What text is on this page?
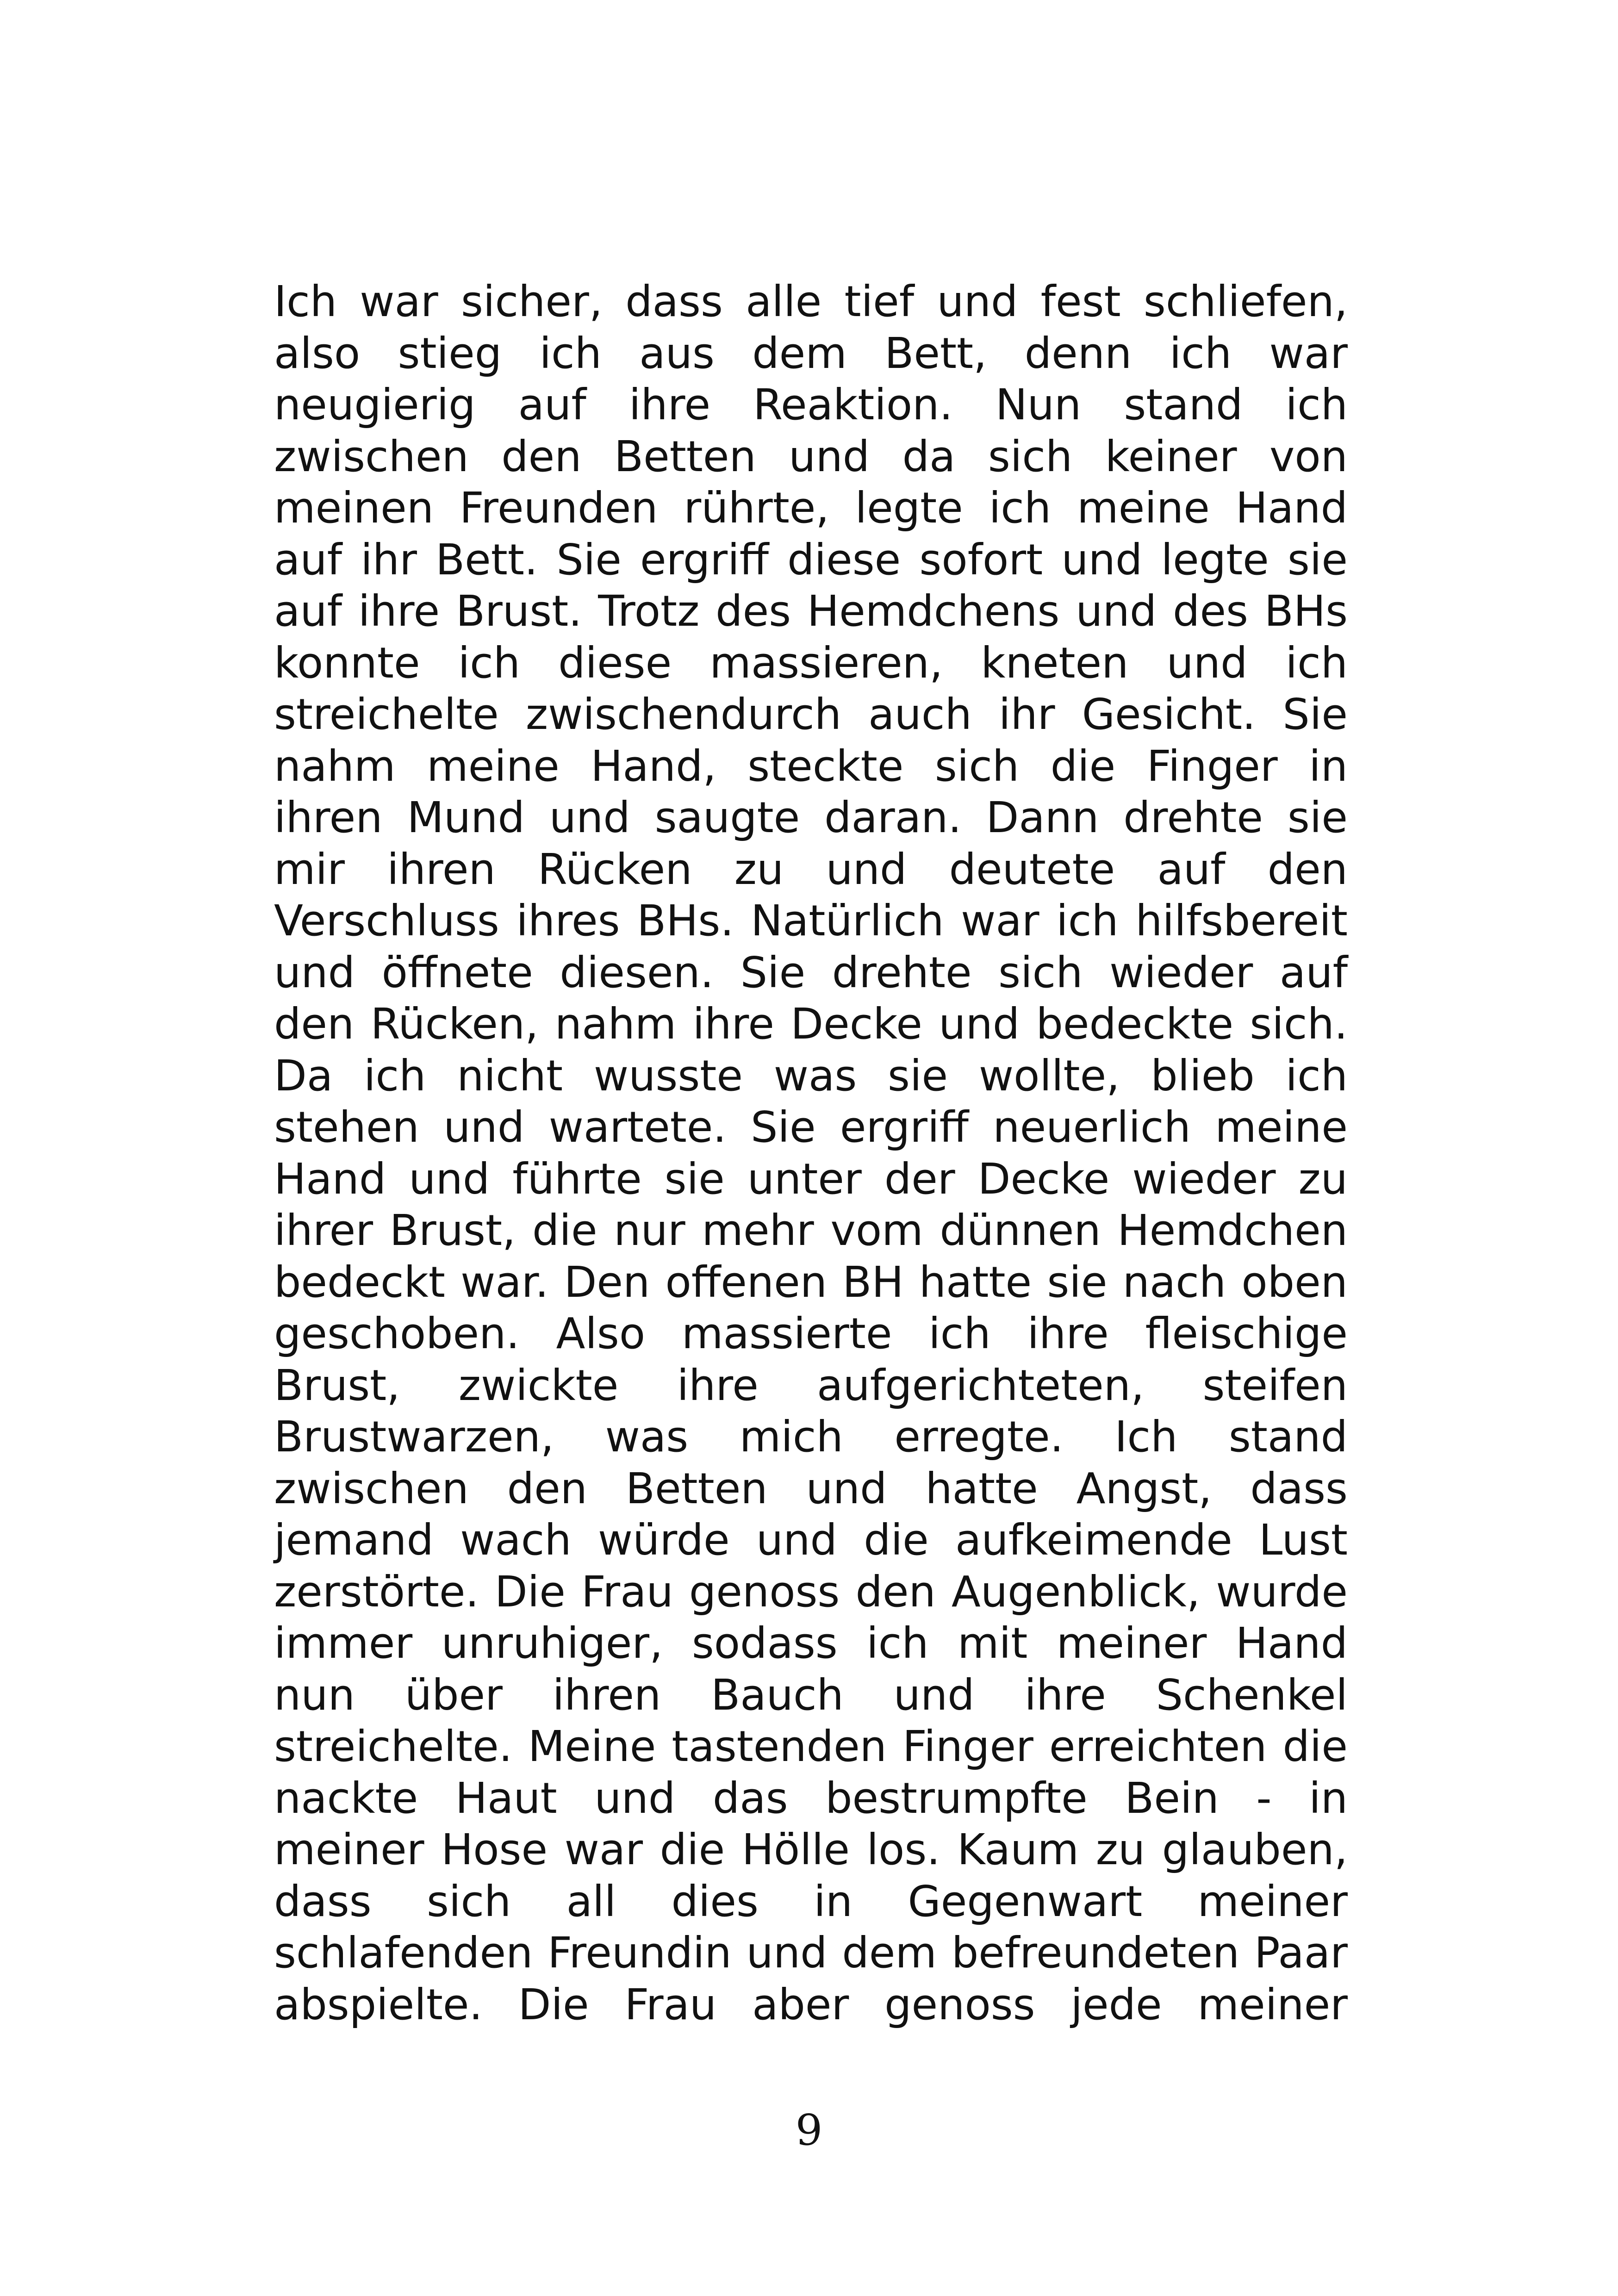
Ich war sicher, dass alle tief und fest schliefen,
also stieg ich aus dem Bett, denn ich war
neugierig auf ihre Reaktion. Nun stand ich
zwischen den Betten und da sich keiner von
meinen Freunden rührte, legte ich meine Hand
auf ihr Bett. Sie ergriff diese sofort und legte sie
auf ihre Brust. Trotz des Hemdchens und des BHs
konnte ich diese massieren, kneten und ich
streichelte zwischendurch auch ihr Gesicht. Sie
nahm meine Hand, steckte sich die Finger in
ihren Mund und saugte daran. Dann drehte sie
mir ihren Rücken zu und deutete auf den
Verschluss ihres BHs. Natürlich war ich hilfsbereit
und öffnete diesen. Sie drehte sich wieder auf
den Rücken, nahm ihre Decke und bedeckte sich.
Da ich nicht wusste was sie wollte, blieb ich
stehen und wartete. Sie ergriff neuerlich meine
Hand und führte sie unter der Decke wieder zu
ihrer Brust, die nur mehr vom dünnen Hemdchen
bedeckt war. Den offenen BH hatte sie nach oben
geschoben. Also massierte ich ihre fleischige
Brust, zwickte ihre aufgerichteten, steifen
Brustwarzen, was mich erregte. Ich stand
zwischen den Betten und hatte Angst, dass
jemand wach würde und die aufkeimende Lust
zerstörte. Die Frau genoss den Augenblick, wurde
immer unruhiger, sodass ich mit meiner Hand
nun über ihren Bauch und ihre Schenkel
streichelte. Meine tastenden Finger erreichten die
nackte Haut und das bestrumpfte Bein - in
meiner Hose war die Hölle los. Kaum zu glauben,
dass sich all dies in Gegenwart meiner
schlafenden Freundin und dem befreundeten Paar
abspielte. Die Frau aber genoss jede meiner
9
